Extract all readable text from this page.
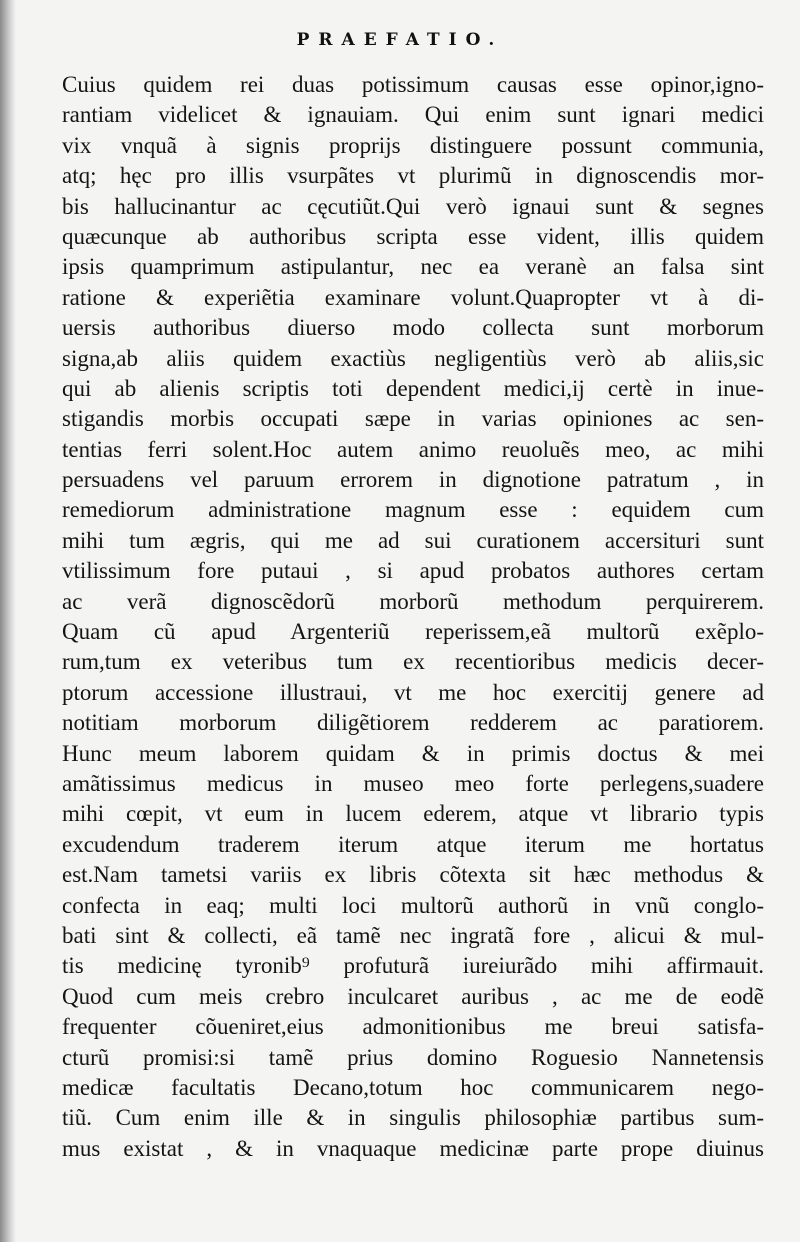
PRAEFATIO.
Cuius quidem rei duas potissimum causas esse opinor,igno-
rantiam videlicet & ignauiam. Qui enim sunt ignari medici
vix vnquã à signis proprijs distinguere possunt communia,
atq; hęc pro illis vsurpãtes vt plurimũ in dignoscendis mor-
bis hallucinantur ac cęcutiũt.Qui verò ignaui sunt & segnes
quæcunque ab authoribus scripta esse vident, illis quidem
ipsis quamprimum astipulantur, nec ea veranè an falsa sint
ratione & experiẽtia examinare volunt.Quapropter vt à di-
uersis authoribus diuerso modo collecta sunt morborum
signa,ab aliis quidem exactiùs negligentiùs verò ab aliis,sic
qui ab alienis scriptis toti dependent medici,ij certè in inue-
stigandis morbis occupati sæpe in varias opiniones ac sen-
tentias ferri solent.Hoc autem animo reuoluẽs meo, ac mihi
persuadens vel paruum errorem in dignotione patratum , in
remediorum administratione magnum esse : equidem cum
mihi tum ægris, qui me ad sui curationem accersituri sunt
vtilissimum fore putaui , si apud probatos authores certam
ac verã dignoscẽdorũ morborũ methodum perquirerem.
Quam cũ apud Argenteriũ reperissem,eã multorũ exẽplo-
rum,tum ex veteribus tum ex recentioribus medicis decer-
ptorum accessione illustraui, vt me hoc exercitij genere ad
notitiam morborum diligẽtiorem redderem ac paratiorem.
Hunc meum laborem quidam & in primis doctus & mei
amãtissimus medicus in museo meo forte perlegens,suadere
mihi cœpit, vt eum in lucem ederem, atque vt librario typis
excudendum traderem iterum atque iterum me hortatus
est.Nam tametsi variis ex libris cõtexta sit hæc methodus &
confecta in eaq; multi loci multorũ authorũ in vnũ conglo-
bati sint & collecti, eã tamẽ nec ingratã fore , alicui & mul-
tis medicinę tyronib⁹ profuturã iureiurãdo mihi affirmauit.
Quod cum meis crebro inculcaret auribus , ac me de eodẽ
frequenter cõueniret,eius admonitionibus me breui satisfa-
cturũ promisi:si tamẽ prius domino Roguesio Nannetensis
medicæ facultatis Decano,totum hoc communicarem nego-
tiũ. Cum enim ille & in singulis philosophiæ partibus sum-
mus existat , & in vnaquaque medicinæ parte prope diuinus
